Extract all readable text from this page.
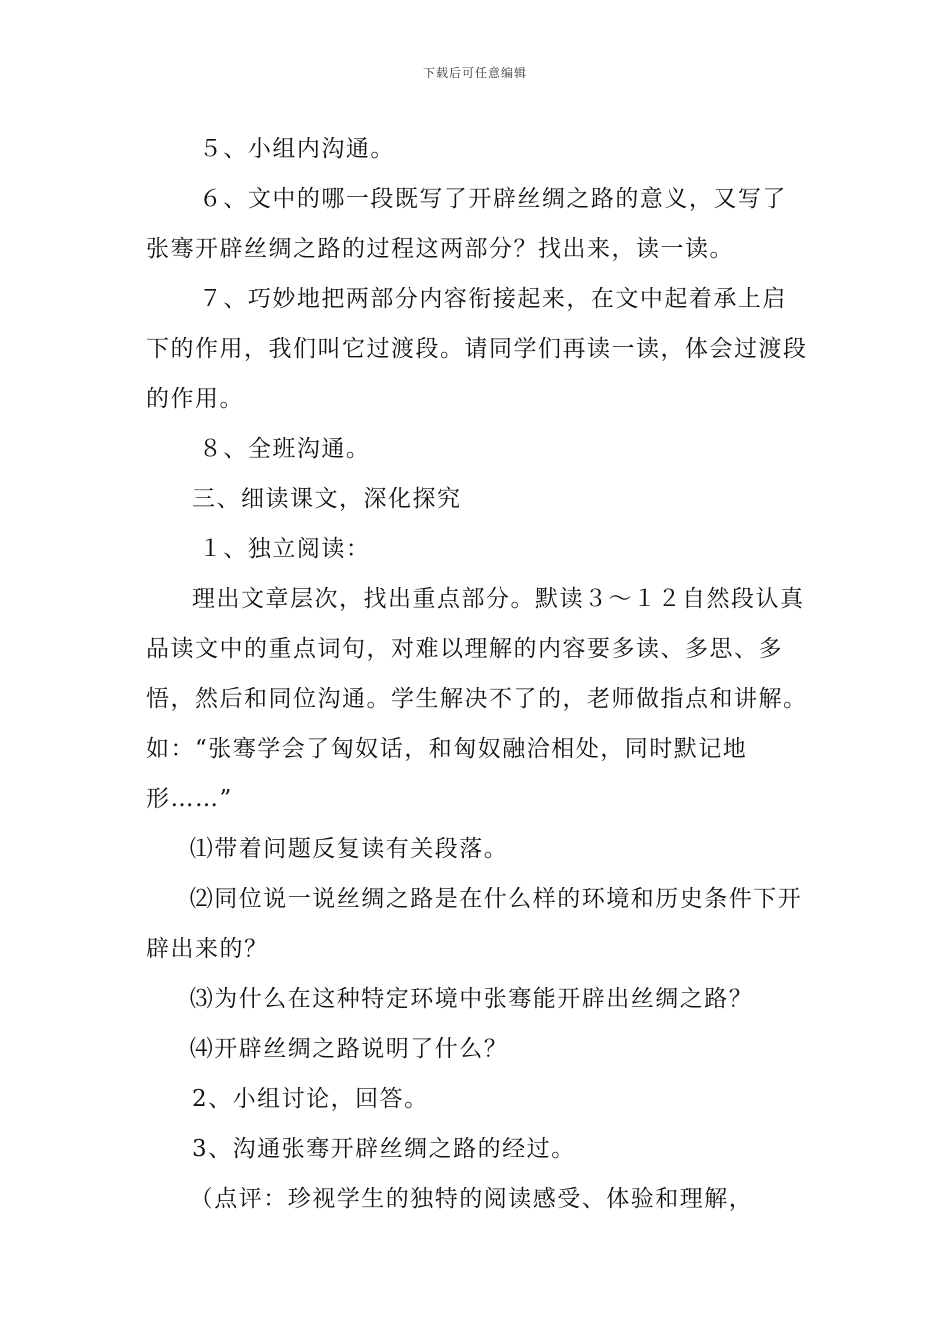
下载后可任意编辑

５、小组内沟通。

６、文中的哪一段既写了开辟丝绸之路的意义，又写了张骞开辟丝绸之路的过程这两部分？找出来，读一读。

７、巧妙地把两部分内容衔接起来，在文中起着承上启下的作用，我们叫它过渡段。请同学们再读一读，体会过渡段的作用。

８、全班沟通。

三、细读课文，深化探究

１、独立阅读：

理出文章层次，找出重点部分。默读３～１２自然段认真品读文中的重点词句，对难以理解的内容要多读、多思、多悟，然后和同位沟通。学生解决不了的，老师做指点和讲解。如：“张骞学会了匈奴话，和匈奴融洽相处，同时默记地形……”

⑴带着问题反复读有关段落。

⑵同位说一说丝绸之路是在什么样的环境和历史条件下开辟出来的？

⑶为什么在这种特定环境中张骞能开辟出丝绸之路？

⑷开辟丝绸之路说明了什么？

2、小组讨论，回答。

3、沟通张骞开辟丝绸之路的经过。

（点评：珍视学生的独特的阅读感受、体验和理解，
